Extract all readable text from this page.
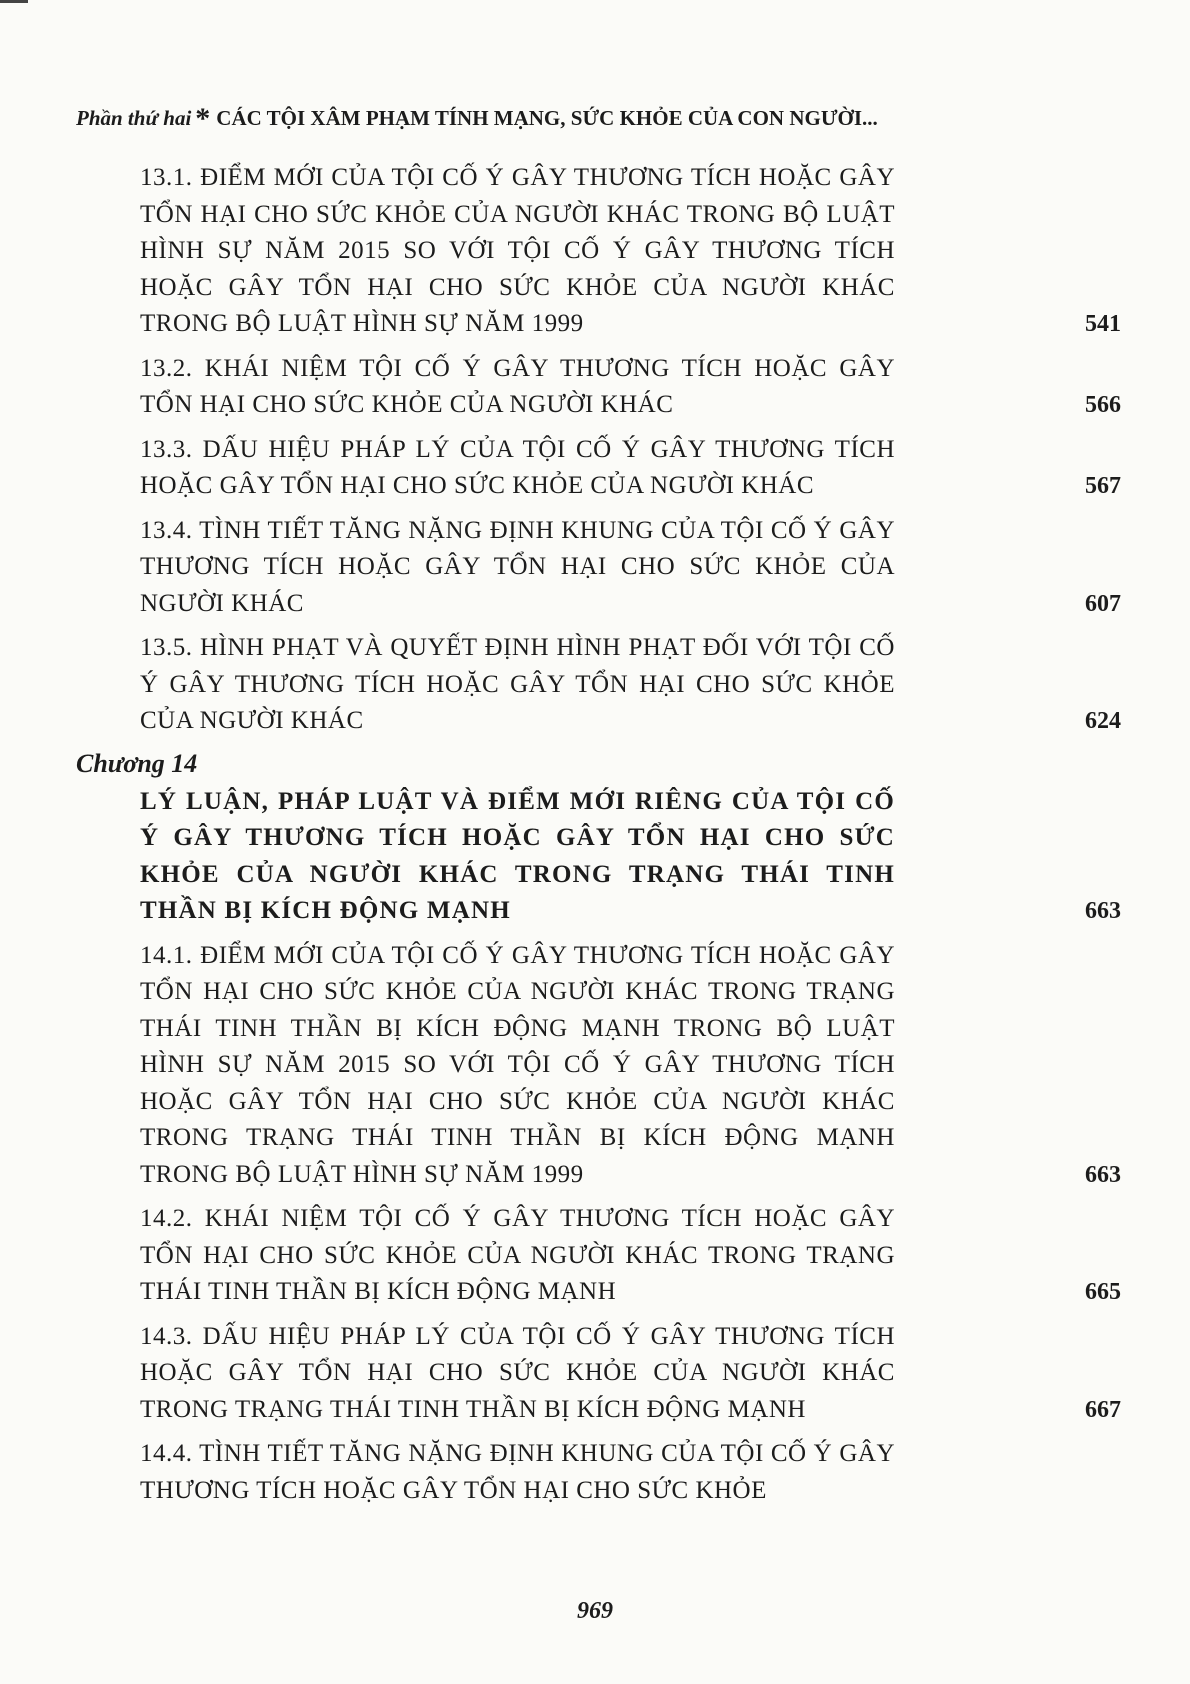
Phần thứ hai * CÁC TỘI XÂM PHẠM TÍNH MẠNG, SỨC KHỎE CỦA CON NGƯỜI...
13.1. ĐIỂM MỚI CỦA TỘI CỐ Ý GÂY THƯƠNG TÍCH HOẶC GÂY TỔN HẠI CHO SỨC KHỎE CỦA NGƯỜI KHÁC TRONG BỘ LUẬT HÌNH SỰ NĂM 2015 SO VỚI TỘI CỐ Ý GÂY THƯƠNG TÍCH HOẶC GÂY TỔN HẠI CHO SỨC KHỎE CỦA NGƯỜI KHÁC TRONG BỘ LUẬT HÌNH SỰ NĂM 1999	541
13.2. KHÁI NIỆM TỘI CỐ Ý GÂY THƯƠNG TÍCH HOẶC GÂY TỔN HẠI CHO SỨC KHỎE CỦA NGƯỜI KHÁC	566
13.3. DẤU HIỆU PHÁP LÝ CỦA TỘI CỐ Ý GÂY THƯƠNG TÍCH HOẶC GÂY TỔN HẠI CHO SỨC KHỎE CỦA NGƯỜI KHÁC	567
13.4. TÌNH TIẾT TĂNG NẶNG ĐỊNH KHUNG CỦA TỘI CỐ Ý GÂY THƯƠNG TÍCH HOẶC GÂY TỔN HẠI CHO SỨC KHỎE CỦA NGƯỜI KHÁC	607
13.5. HÌNH PHẠT VÀ QUYẾT ĐỊNH HÌNH PHẠT ĐỐI VỚI TỘI CỐ Ý GÂY THƯƠNG TÍCH HOẶC GÂY TỔN HẠI CHO SỨC KHỎE CỦA NGƯỜI KHÁC	624
Chương 14
LÝ LUẬN, PHÁP LUẬT VÀ ĐIỂM MỚI RIÊNG CỦA TỘI CỐ Ý GÂY THƯƠNG TÍCH HOẶC GÂY TỔN HẠI CHO SỨC KHỎE CỦA NGƯỜI KHÁC TRONG TRẠNG THÁI TINH THẦN BỊ KÍCH ĐỘNG MẠNH	663
14.1. ĐIỂM MỚI CỦA TỘI CỐ Ý GÂY THƯƠNG TÍCH HOẶC GÂY TỔN HẠI CHO SỨC KHỎE CỦA NGƯỜI KHÁC TRONG TRẠNG THÁI TINH THẦN BỊ KÍCH ĐỘNG MẠNH TRONG BỘ LUẬT HÌNH SỰ NĂM 2015 SO VỚI TỘI CỐ Ý GÂY THƯƠNG TÍCH HOẶC GÂY TỔN HẠI CHO SỨC KHỎE CỦA NGƯỜI KHÁC TRONG TRẠNG THÁI TINH THẦN BỊ KÍCH ĐỘNG MẠNH TRONG BỘ LUẬT HÌNH SỰ NĂM 1999	663
14.2. KHÁI NIỆM TỘI CỐ Ý GÂY THƯƠNG TÍCH HOẶC GÂY TỔN HẠI CHO SỨC KHỎE CỦA NGƯỜI KHÁC TRONG TRẠNG THÁI TINH THẦN BỊ KÍCH ĐỘNG MẠNH	665
14.3. DẤU HIỆU PHÁP LÝ CỦA TỘI CỐ Ý GÂY THƯƠNG TÍCH HOẶC GÂY TỔN HẠI CHO SỨC KHỎE CỦA NGƯỜI KHÁC TRONG TRẠNG THÁI TINH THẦN BỊ KÍCH ĐỘNG MẠNH	667
14.4. TÌNH TIẾT TĂNG NẶNG ĐỊNH KHUNG CỦA TỘI CỐ Ý GÂY THƯƠNG TÍCH HOẶC GÂY TỔN HẠI CHO SỨC KHỎE
969
